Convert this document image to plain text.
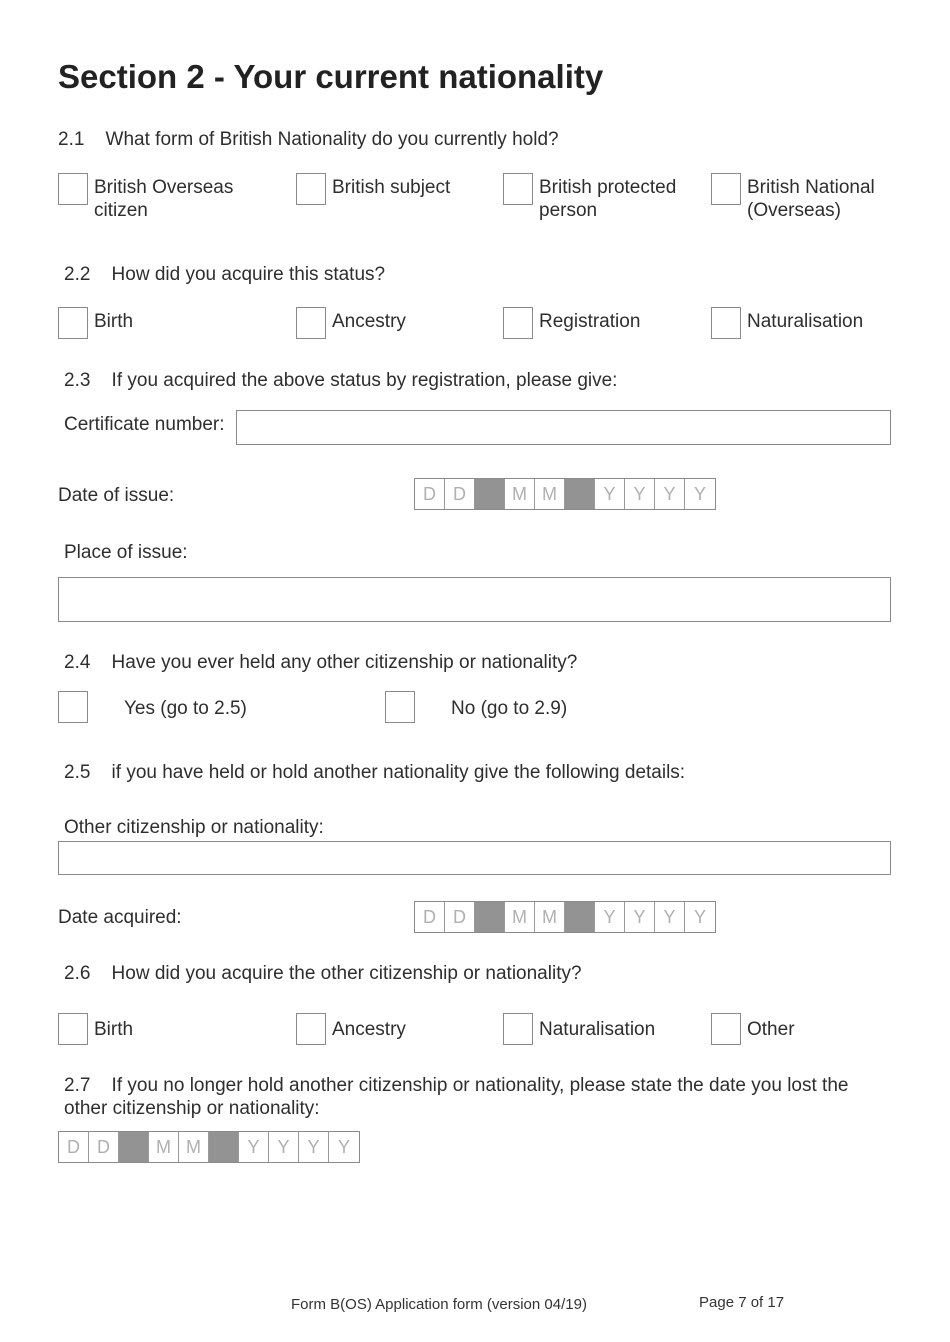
Section 2 - Your current nationality
2.1 What form of British Nationality do you currently hold?
British Overseas
citizen
British subject	British protected
person
British National
(Overseas)
2.2 How did you acquire this status?
Birth	Ancestry	Registration	Naturalisation
2.3 If you acquired the above status by registration, please give:
Certificate number:
Date of issue:	D D	M M	Y Y Y	Y
Place of issue:
2.4 Have you ever held any other citizenship or nationality?
Yes (go to 2.5)	No (go to 2.9)
2.5 if you have held or hold another nationality give the following details:
Other citizenship or nationality:
Date acquired:	D D	M M	Y Y Y	Y
2.6 How did you acquire the other citizenship or nationality?
Birth	Ancestry	Naturalisation	Other
2.7 If you no longer hold another citizenship or nationality, please state the date you lost the
other citizenship or nationality:
D D	M M	Y Y Y	Y
Form B(OS) Application form (version 04/19)	Page 7 of 17
